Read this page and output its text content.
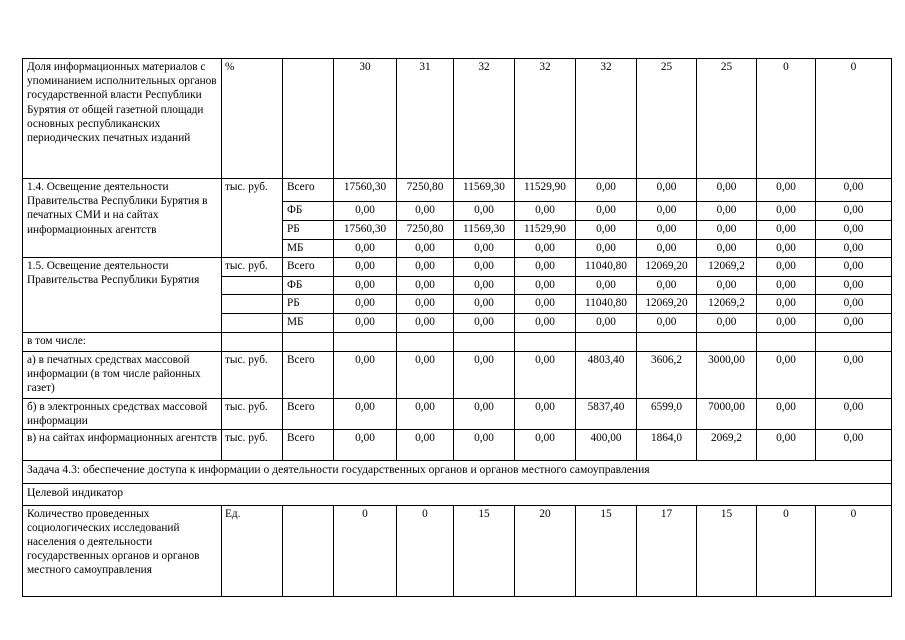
Доля информационных материалов с упоминанием исполнительных органов государственной власти Республики Бурятия от общей газетной площади основных республиканских периодических печатных изданий	%		30	31	32	32	32	25	25	0	0
1.4. Освещение деятельности Правительства Республики Бурятия в печатных СМИ и на сайтах информационных агентств	тыс. руб.	Всего	17560,30	7250,80	11569,30	11529,90	0,00	0,00	0,00	0,00	0,00
		ФБ	0,00	0,00	0,00	0,00	0,00	0,00	0,00	0,00	0,00
		РБ	17560,30	7250,80	11569,30	11529,90	0,00	0,00	0,00	0,00	0,00
		МБ	0,00	0,00	0,00	0,00	0,00	0,00	0,00	0,00	0,00
1.5. Освещение деятельности Правительства Республики Бурятия	тыс. руб.	Всего	0,00	0,00	0,00	0,00	11040,80	12069,20	12069,2	0,00	0,00
		ФБ	0,00	0,00	0,00	0,00	0,00	0,00	0,00	0,00	0,00
		РБ	0,00	0,00	0,00	0,00	11040,80	12069,20	12069,2	0,00	0,00
		МБ	0,00	0,00	0,00	0,00	0,00	0,00	0,00	0,00	0,00
в том числе:											
а) в печатных средствах массовой информации (в том числе районных газет)	тыс. руб.	Всего	0,00	0,00	0,00	0,00	4803,40	3606,2	3000,00	0,00	0,00
б) в электронных средствах массовой информации	тыс. руб.	Всего	0,00	0,00	0,00	0,00	5837,40	6599,0	7000,00	0,00	0,00
в) на сайтах информационных агентств	тыс. руб.	Всего	0,00	0,00	0,00	0,00	400,00	1864,0	2069,2	0,00	0,00
Задача 4.3: обеспечение доступа к информации о деятельности государственных органов и органов местного самоуправления											
Целевой индикатор											
Количество проведенных социологических исследований населения о деятельности государственных органов и органов местного самоуправления	Ед.		0	0	15	20	15	17	15	0	0
